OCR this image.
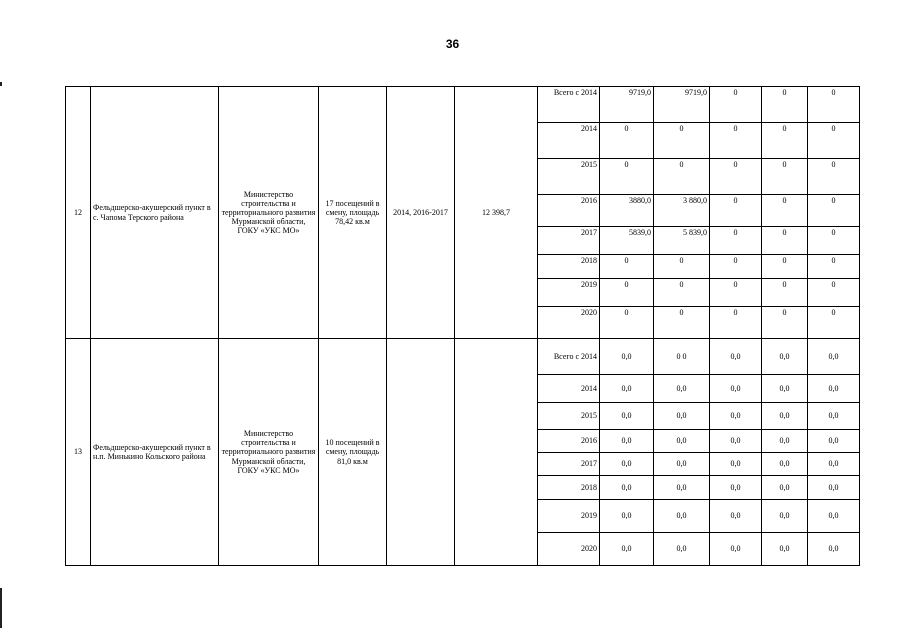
36
12	Фельдшерско-акушерский пункт в с. Чапома Терского района	Министерство строительства и территориального развития Мурманской области, ГОКУ «УКС МО»	17 посещений в смену, площадь 78,42 кв.м	2014, 2016-2017	12 398,7	Всего с 2014	9719,0	9719,0	0	0	0
						2014	0	0	0	0	0
						2015	0	0	0	0	0
						2016	3880,0	3 880,0	0	0	0
						2017	5839,0	5 839,0	0	0	0
						2018	0	0	0	0	0
						2019	0	0	0	0	0
						2020	0	0	0	0	0
13	Фельдшерско-акушерский пункт в н.п. Минькино Кольского района	Министерство строительства и территориального развития Мурманской области, ГОКУ «УКС МО»	10 посещений в смену, площадь 81,0 кв.м			Всего с 2014	0,0	0 0	0,0	0,0	0,0
						2014	0,0	0,0	0,0	0,0	0,0
						2015	0,0	0,0	0,0	0,0	0,0
						2016	0,0	0,0	0,0	0,0	0,0
						2017	0,0	0,0	0,0	0,0	0,0
						2018	0,0	0,0	0,0	0,0	0,0
						2019	0,0	0,0	0,0	0,0	0,0
						2020	0,0	0,0	0,0	0,0	0,0
